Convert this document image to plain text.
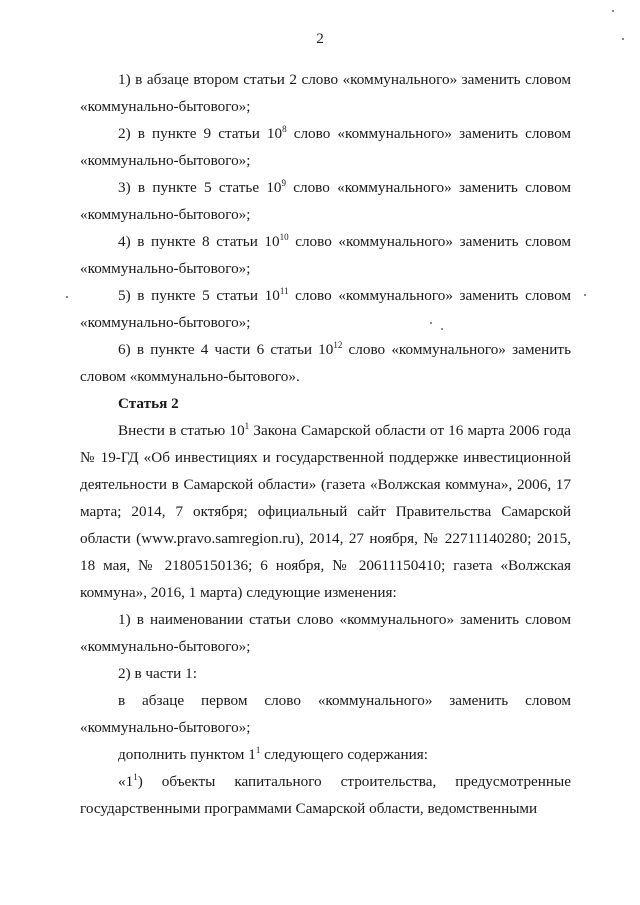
2

1) в абзаце втором статьи 2 слово «коммунального» заменить словом «коммунально-бытового»;

2) в пункте 9 статьи $10^8$ слово «коммунального» заменить словом «коммунально-бытового»;

3) в пункте 5 статье $10^9$ слово «коммунального» заменить словом «коммунально-бытового»;

4) в пункте 8 статьи $10^{10}$ слово «коммунального» заменить словом «коммунально-бытового»;

5) в пункте 5 статьи $10^{11}$ слово «коммунального» заменить словом «коммунально-бытового»;

6) в пункте 4 части 6 статьи $10^{12}$ слово «коммунального» заменить словом «коммунально-бытового».

Статья 2

Внести в статью $10^1$ Закона Самарской области от 16 марта 2006 года № 19-ГД «Об инвестициях и государственной поддержке инвестиционной деятельности в Самарской области» (газета «Волжская коммуна», 2006, 17 марта; 2014, 7 октября; официальный сайт Правительства Самарской области (www.pravo.samregion.ru), 2014, 27 ноября, № 22711140280; 2015, 18 мая, № 21805150136; 6 ноября, № 20611150410; газета «Волжская коммуна», 2016, 1 марта) следующие изменения:

1) в наименовании статьи слово «коммунального» заменить словом «коммунально-бытового»;

2) в части 1:

в абзаце первом слово «коммунального» заменить словом «коммунально-бытового»;

дополнить пунктом $1^1$ следующего содержания:

«$1^1$) объекты капитального строительства, предусмотренные государственными программами Самарской области, ведомственными
